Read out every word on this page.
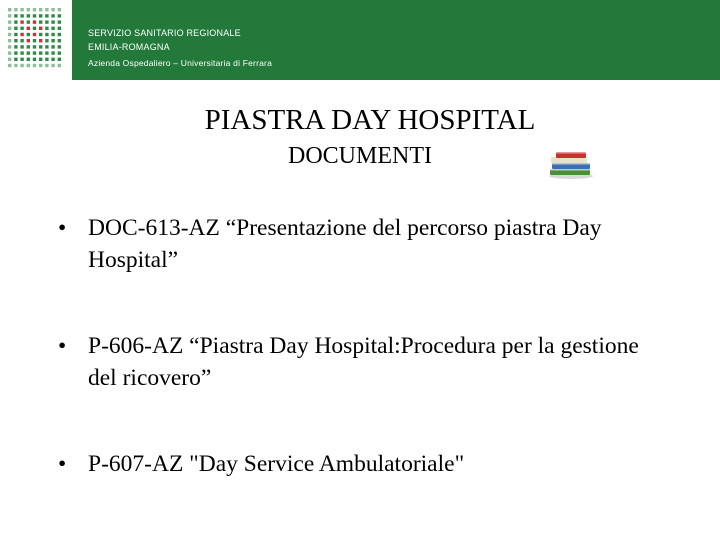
SERVIZIO SANITARIO REGIONALE
EMILIA-ROMAGNA
Azienda Ospedaliero – Universitaria di Ferrara
PIASTRA DAY HOSPITAL
DOCUMENTI
• DOC-613-AZ “Presentazione del percorso piastra Day Hospital”
• P-606-AZ “Piastra Day Hospital:Procedura per la gestione del ricovero”
• P-607-AZ "Day Service Ambulatoriale"
